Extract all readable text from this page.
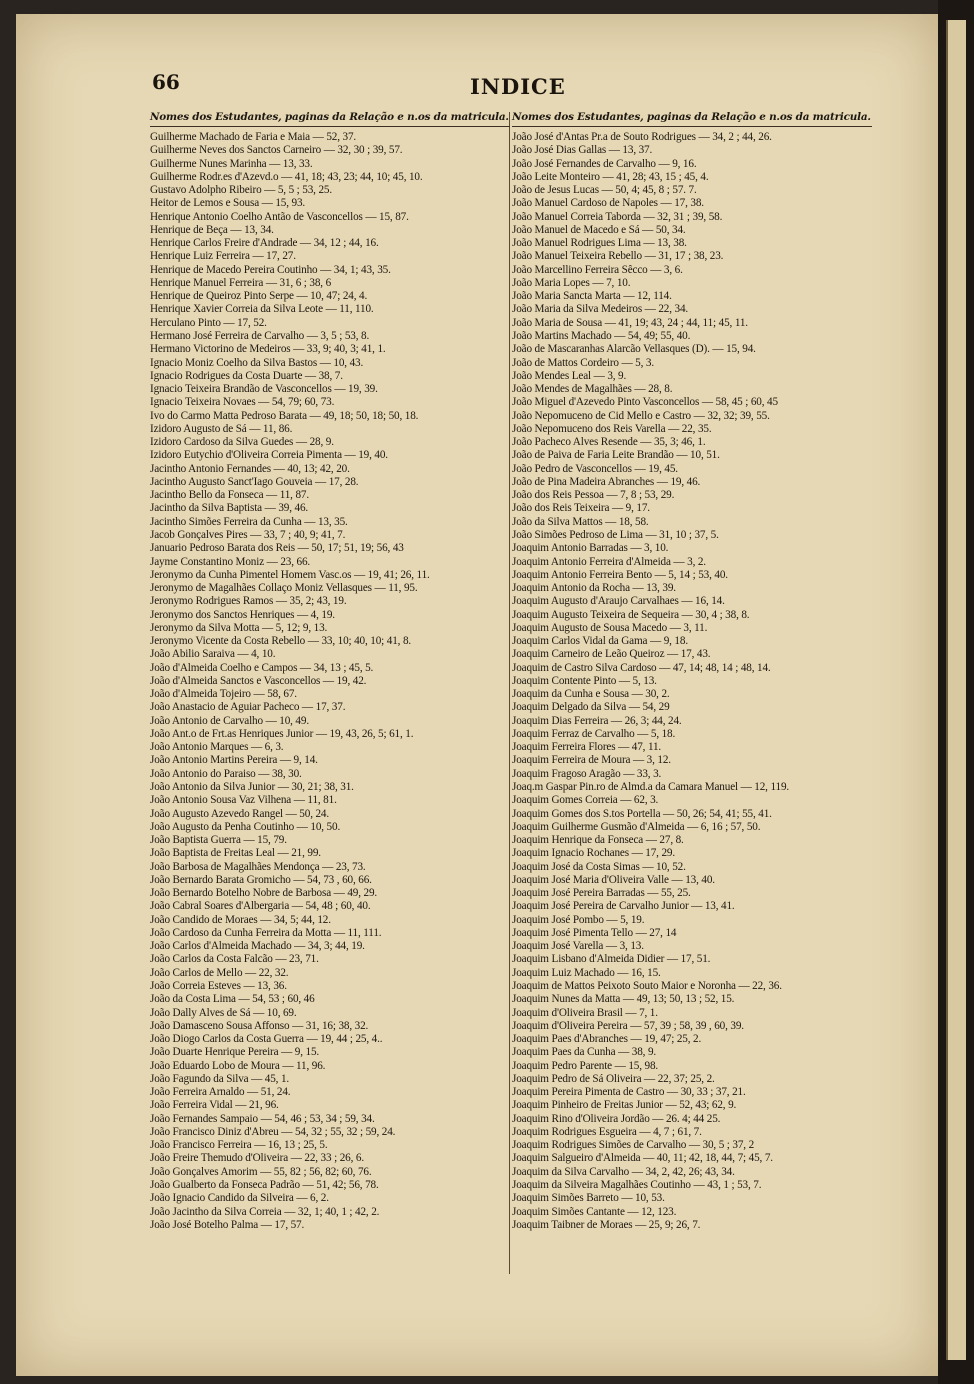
66	INDICE
Nomes dos Estudantes, paginas da Relação e n.os da matricula.
Guilherme Machado de Faria e Maia — 52, 37.
Guilherme Neves dos Sanctos Carneiro — 32, 30 ; 39, 57.
Guilherme Nunes Marinha — 13, 33.
Guilherme Rodr.es d'Azevd.o — 41, 18; 43, 23; 44, 10; 45, 10.
Gustavo Adolpho Ribeiro — 5, 5 ; 53, 25.
Heitor de Lemos e Sousa — 15, 93.
Henrique Antonio Coelho Antão de Vasconcellos — 15, 87.
Henrique de Beça — 13, 34.
Henrique Carlos Freire d'Andrade — 34, 12 ; 44, 16.
Henrique Luiz Ferreira — 17, 27.
Henrique de Macedo Pereira Coutinho — 34, 1; 43, 35.
Henrique Manuel Ferreira — 31, 6 ; 38, 6
Henrique de Queiroz Pinto Serpe — 10, 47; 24, 4.
Henrique Xavier Correia da Silva Leote — 11, 110.
Herculano Pinto — 17, 52.
Hermano José Ferreira de Carvalho — 3, 5 ; 53, 8.
Hermano Victorino de Medeiros — 33, 9; 40, 3; 41, 1.
Ignacio Moniz Coelho da Silva Bastos — 10, 43.
Ignacio Rodrigues da Costa Duarte — 38, 7.
Ignacio Teixeira Brandão de Vasconcellos — 19, 39.
Ignacio Teixeira Novaes — 54, 79; 60, 73.
Ivo do Carmo Matta Pedroso Barata — 49, 18; 50, 18; 50, 18.
Izidoro Augusto de Sá — 11, 86.
Izidoro Cardoso da Silva Guedes — 28, 9.
Izidoro Eutychio d'Oliveira Correia Pimenta — 19, 40.
Jacintho Antonio Fernandes — 40, 13; 42, 20.
Jacintho Augusto Sanct'Iago Gouveia — 17, 28.
Jacintho Bello da Fonseca — 11, 87.
Jacintho da Silva Baptista — 39, 46.
Jacintho Simões Ferreira da Cunha — 13, 35.
Jacob Gonçalves Pires — 33, 7 ; 40, 9; 41, 7.
Januario Pedroso Barata dos Reis — 50, 17; 51, 19; 56, 43
Jayme Constantino Moniz — 23, 66.
Jeronymo da Cunha Pimentel Homem Vasc.os — 19, 41; 26, 11.
Jeronymo de Magalhães Collaço Moniz Vellasques — 11, 95.
Jeronymo Rodrigues Ramos — 35, 2; 43, 19.
Jeronymo dos Sanctos Henriques — 4, 19.
Jeronymo da Silva Motta — 5, 12; 9, 13.
Jeronymo Vicente da Costa Rebello — 33, 10; 40, 10; 41, 8.
João Abilio Saraiva — 4, 10.
João d'Almeida Coelho e Campos — 34, 13 ; 45, 5.
João d'Almeida Sanctos e Vasconcellos — 19, 42.
João d'Almeida Tojeiro — 58, 67.
João Anastacio de Aguiar Pacheco — 17, 37.
João Antonio de Carvalho — 10, 49.
João Ant.o de Frt.as Henriques Junior — 19, 43, 26, 5; 61, 1.
João Antonio Marques — 6, 3.
João Antonio Martins Pereira — 9, 14.
João Antonio do Paraiso — 38, 30.
João Antonio da Silva Junior — 30, 21; 38, 31.
João Antonio Sousa Vaz Vilhena — 11, 81.
João Augusto Azevedo Rangel — 50, 24.
João Augusto da Penha Coutinho — 10, 50.
João Baptista Guerra — 15, 79.
João Baptista de Freitas Leal — 21, 99.
João Barbosa de Magalhães Mendonça — 23, 73.
João Bernardo Barata Gromicho — 54, 73 , 60, 66.
João Bernardo Botelho Nobre de Barbosa — 49, 29.
João Cabral Soares d'Albergaria — 54, 48 ; 60, 40.
João Candido de Moraes — 34, 5; 44, 12.
João Cardoso da Cunha Ferreira da Motta — 11, 111.
João Carlos d'Almeida Machado — 34, 3; 44, 19.
João Carlos da Costa Falcão — 23, 71.
João Carlos de Mello — 22, 32.
João Correia Esteves — 13, 36.
João da Costa Lima — 54, 53 ; 60, 46
João Dally Alves de Sá — 10, 69.
João Damasceno Sousa Affonso — 31, 16; 38, 32.
João Diogo Carlos da Costa Guerra — 19, 44 ; 25, 4..
João Duarte Henrique Pereira — 9, 15.
João Eduardo Lobo de Moura — 11, 96.
João Fagundo da Silva — 45, 1.
João Ferreira Arnaldo — 51, 24.
João Ferreira Vidal — 21, 96.
João Fernandes Sampaio — 54, 46 ; 53, 34 ; 59, 34.
João Francisco Diniz d'Abreu — 54, 32 ; 55, 32 ; 59, 24.
João Francisco Ferreira — 16, 13 ; 25, 5.
João Freire Themudo d'Oliveira — 22, 33 ; 26, 6.
João Gonçalves Amorim — 55, 82 ; 56, 82; 60, 76.
João Gualberto da Fonseca Padrão — 51, 42; 56, 78.
João Ignacio Candido da Silveira — 6, 2.
João Jacintho da Silva Correia — 32, 1; 40, 1 ; 42, 2.
João José Botelho Palma — 17, 57.
Nomes dos Estudantes, paginas da Relação e n.os da matricula.
João José d'Antas Pr.a de Souto Rodrigues — 34, 2 ; 44, 26.
João José Dias Gallas — 13, 37.
João José Fernandes de Carvalho — 9, 16.
João Leite Monteiro — 41, 28; 43, 15 ; 45, 4.
João de Jesus Lucas — 50, 4; 45, 8 ; 57. 7.
João Manuel Cardoso de Napoles — 17, 38.
João Manuel Correia Taborda — 32, 31 ; 39, 58.
João Manuel de Macedo e Sá — 50, 34.
João Manuel Rodrigues Lima — 13, 38.
João Manuel Teixeira Rebello — 31, 17 ; 38, 23.
João Marcellino Ferreira Sêcco — 3, 6.
João Maria Lopes — 7, 10.
João Maria Sancta Marta — 12, 114.
João Maria da Silva Medeiros — 22, 34.
João Maria de Sousa — 41, 19; 43, 24 ; 44, 11; 45, 11.
João Martins Machado — 54, 49; 55, 40.
João de Mascaranhas Alarcão Vellasques (D). — 15, 94.
João de Mattos Cordeiro — 5, 3.
João Mendes Leal — 3, 9.
João Mendes de Magalhães — 28, 8.
João Miguel d'Azevedo Pinto Vasconcellos — 58, 45 ; 60, 45
João Nepomuceno de Cid Mello e Castro — 32, 32; 39, 55.
João Nepomuceno dos Reis Varella — 22, 35.
João Pacheco Alves Resende — 35, 3; 46, 1.
João de Paiva de Faria Leite Brandão — 10, 51.
João Pedro de Vasconcellos — 19, 45.
João de Pina Madeira Abranches — 19, 46.
João dos Reis Pessoa — 7, 8 ; 53, 29.
João dos Reis Teixeira — 9, 17.
João da Silva Mattos — 18, 58.
João Simões Pedroso de Lima — 31, 10 ; 37, 5.
Joaquim Antonio Barradas — 3, 10.
Joaquim Antonio Ferreira d'Almeida — 3, 2.
Joaquim Antonio Ferreira Bento — 5, 14 ; 53, 40.
Joaquim Antonio da Rocha — 13, 39.
Joaquim Augusto d'Araujo Carvalhaes — 16, 14.
Joaquim Augusto Teixeira de Sequeira — 30, 4 ; 38, 8.
Joaquim Augusto de Sousa Macedo — 3, 11.
Joaquim Carlos Vidal da Gama — 9, 18.
Joaquim Carneiro de Leão Queiroz — 17, 43.
Joaquim de Castro Silva Cardoso — 47, 14; 48, 14 ; 48, 14.
Joaquim Contente Pinto — 5, 13.
Joaquim da Cunha e Sousa — 30, 2.
Joaquim Delgado da Silva — 54, 29
Joaquim Dias Ferreira — 26, 3; 44, 24.
Joaquim Ferraz de Carvalho — 5, 18.
Joaquim Ferreira Flores — 47, 11.
Joaquim Ferreira de Moura — 3, 12.
Joaquim Fragoso Aragão — 33, 3.
Joaq.m Gaspar Pin.ro de Almd.a da Camara Manuel — 12, 119.
Joaquim Gomes Correia — 62, 3.
Joaquim Gomes dos S.tos Portella — 50, 26; 54, 41; 55, 41.
Joaquim Guilherme Gusmão d'Almeida — 6, 16 ; 57, 50.
Joaquim Henrique da Fonseca — 27, 8.
Joaquim Ignacio Rochanes — 17, 29.
Joaquim José da Costa Simas — 10, 52.
Joaquim José Maria d'Oliveira Valle — 13, 40.
Joaquim José Pereira Barradas — 55, 25.
Joaquim José Pereira de Carvalho Junior — 13, 41.
Joaquim José Pombo — 5, 19.
Joaquim José Pimenta Tello — 27, 14
Joaquim José Varella — 3, 13.
Joaquim Lisbano d'Almeida Didier — 17, 51.
Joaquim Luiz Machado — 16, 15.
Joaquim de Mattos Peixoto Souto Maior e Noronha — 22, 36.
Joaquim Nunes da Matta — 49, 13; 50, 13 ; 52, 15.
Joaquim d'Oliveira Brasil — 7, 1.
Joaquim d'Oliveira Pereira — 57, 39 ; 58, 39 , 60, 39.
Joaquim Paes d'Abranches — 19, 47; 25, 2.
Joaquim Paes da Cunha — 38, 9.
Joaquim Pedro Parente — 15, 98.
Joaquim Pedro de Sá Oliveira — 22, 37; 25, 2.
Joaquim Pereira Pimenta de Castro — 30, 33 ; 37, 21.
Joaquim Pinheiro de Freitas Junior — 52, 43; 62, 9.
Joaquim Rino d'Oliveira Jordão — 26. 4; 44 25.
Joaquim Rodrigues Esgueira — 4, 7 ; 61, 7.
Joaquim Rodrigues Simões de Carvalho — 30, 5 ; 37, 2
Joaquim Salgueiro d'Almeida — 40, 11; 42, 18, 44, 7; 45, 7.
Joaquim da Silva Carvalho — 34, 2, 42, 26; 43, 34.
Joaquim da Silveira Magalhães Coutinho — 43, 1 ; 53, 7.
Joaquim Simões Barreto — 10, 53.
Joaquim Simões Cantante — 12, 123.
Joaquim Taibner de Moraes — 25, 9; 26, 7.
